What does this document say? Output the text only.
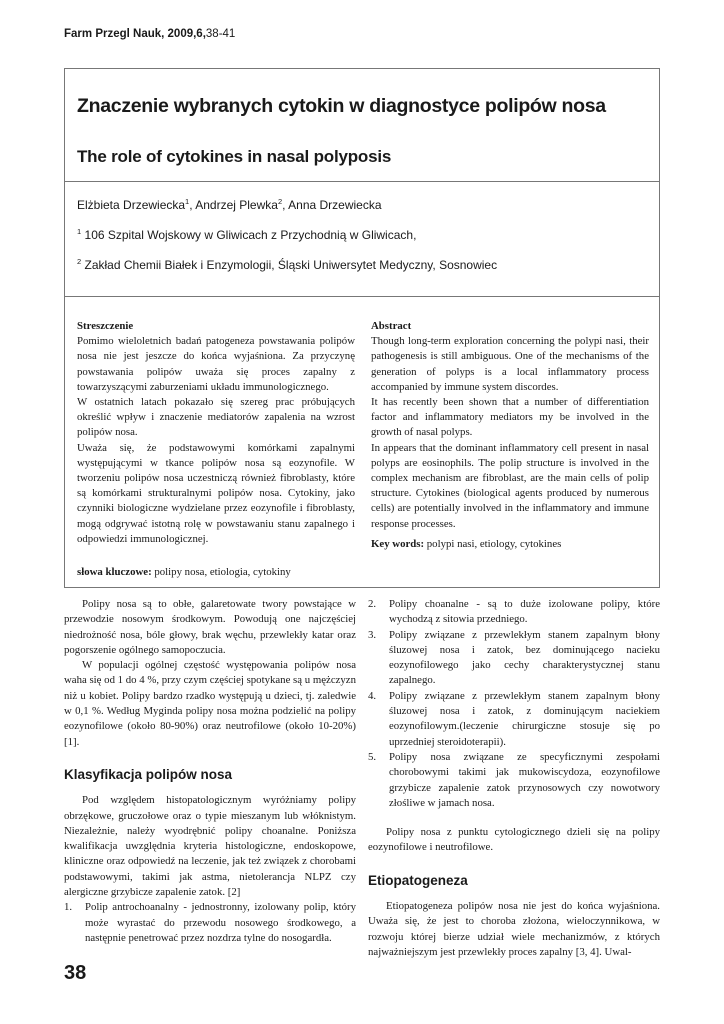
Farm Przegl Nauk, 2009,6,38-41
Znaczenie wybranych cytokin w diagnostyce polipów nosa
The role of cytokines in nasal polyposis
Elżbieta Drzewiecka$^1$, Andrzej Plewka$^2$, Anna Drzewiecka
$^1$ 106 Szpital Wojskowy w Gliwicach z Przychodnią w Gliwicach,
$^2$ Zakład Chemii Białek i Enzymologii, Śląski Uniwersytet Medyczny, Sosnowiec

Streszczenie

Pomimo wieloletnich badań patogeneza powstawania polipów nosa nie jest jeszcze do końca wyjaśniona. Za przyczynę powstawania polipów uważa się proces zapalny z towarzyszącymi zaburzeniami układu immunologicznego.

W ostatnich latach pokazało się szereg prac próbujących określić wpływ i znaczenie mediatorów zapalenia na wzrost polipów nosa.

Uważa się, że podstawowymi komórkami zapalnymi występującymi w tkance polipów nosa są eozynofile. W tworzeniu polipów nosa uczestniczą również fibroblasty, które są komórkami strukturalnymi polipów nosa. Cytokiny, jako czynniki biologiczne wydzielane przez eozynofile i fibroblasty, mogą odgrywać istotną rolę w powstawaniu stanu zapalnego i odpowiedzi immunologicznej.

słowa kluczowe: polipy nosa, etiologia, cytokiny

Abstract

Though long-term exploration concerning the polypi nasi, their pathogenesis is still ambiguous. One of the mechanisms of the generation of polyps is a local inflammatory process accompanied by immune system discordes.

It has recently been shown that a number of differentiation factor and inflammatory mediators my be involved in the growth of nasal polyps.

In appears that the dominant inflammatory cell present in nasal polyps are eosinophils. The polip structure is involved in the complex mechanism are fibroblast, are the main cells of polip structure. Cytokines (biological agents produced by numerous cells) are potentially involved in the inflammatory and immune response processes.

Key words: polypi nasi, etiology, cytokines

Polipy nosa są to obłe, galaretowate twory powstające w przewodzie nosowym środkowym. Powodują one najczęściej niedrożność nosa, bóle głowy, brak węchu, przewlekły katar oraz pogorszenie ogólnego samopoczucia.

W populacji ogólnej częstość występowania polipów nosa waha się od 1 do 4 %, przy czym częściej spotykane są u mężczyzn niż u kobiet. Polipy bardzo rzadko występują u dzieci, tj. zaledwie w 0,1 %. Według Myginda polipy nosa można podzielić na polipy eozynofilowe (około 80-90%) oraz neutrofilowe (około 10-20%) [1].

Klasyfikacja polipów nosa

Pod względem histopatologicznym wyróżniamy polipy obrzękowe, gruczołowe oraz o typie mieszanym lub włóknistym. Niezależnie, należy wyodrębnić polipy choanalne. Poniższa kwalifikacja uwzględnia kryteria histologiczne, endoskopowe, kliniczne oraz odpowiedź na leczenie, jak też związek z chorobami podstawowymi, takimi jak astma, nietolerancja NLPZ czy alergiczne grzybicze zapalenie zatok. [2]

1. Polip antrochoanalny - jednostronny, izolowany polip, który może wyrastać do przewodu nosowego środkowego, a następnie penetrować przez nozdrza tylne do nosogardła.
2. Polipy choanalne - są to duże izolowane polipy, które wychodzą z sitowia przedniego.
3. Polipy związane z przewlekłym stanem zapalnym błony śluzowej nosa i zatok, bez dominującego nacieku eozynofilowego jako cechy charakterystycznej stanu zapalnego.
4. Polipy związane z przewlekłym stanem zapalnym błony śluzowej nosa i zatok, z dominującym naciekiem eozynofilowym.(leczenie chirurgiczne stosuje się po uprzedniej steroidoterapii).
5. Polipy nosa związane ze specyficznymi zespołami chorobowymi takimi jak mukowiscydoza, eozynofilowe grzybicze zapalenie zatok przynosowych czy nowotwory złośliwe w jamach nosa.

Polipy nosa z punktu cytologicznego dzieli się na polipy eozynofilowe i neutrofilowe.

Etiopatogeneza

Etiopatogeneza polipów nosa nie jest do końca wyjaśniona. Uważa się, że jest to choroba złożona, wieloczynnikowa, w rozwoju której bierze udział wiele mechanizmów, z których najważniejszym jest przewlekły proces zapalny [3, 4]. Uwal-

38
